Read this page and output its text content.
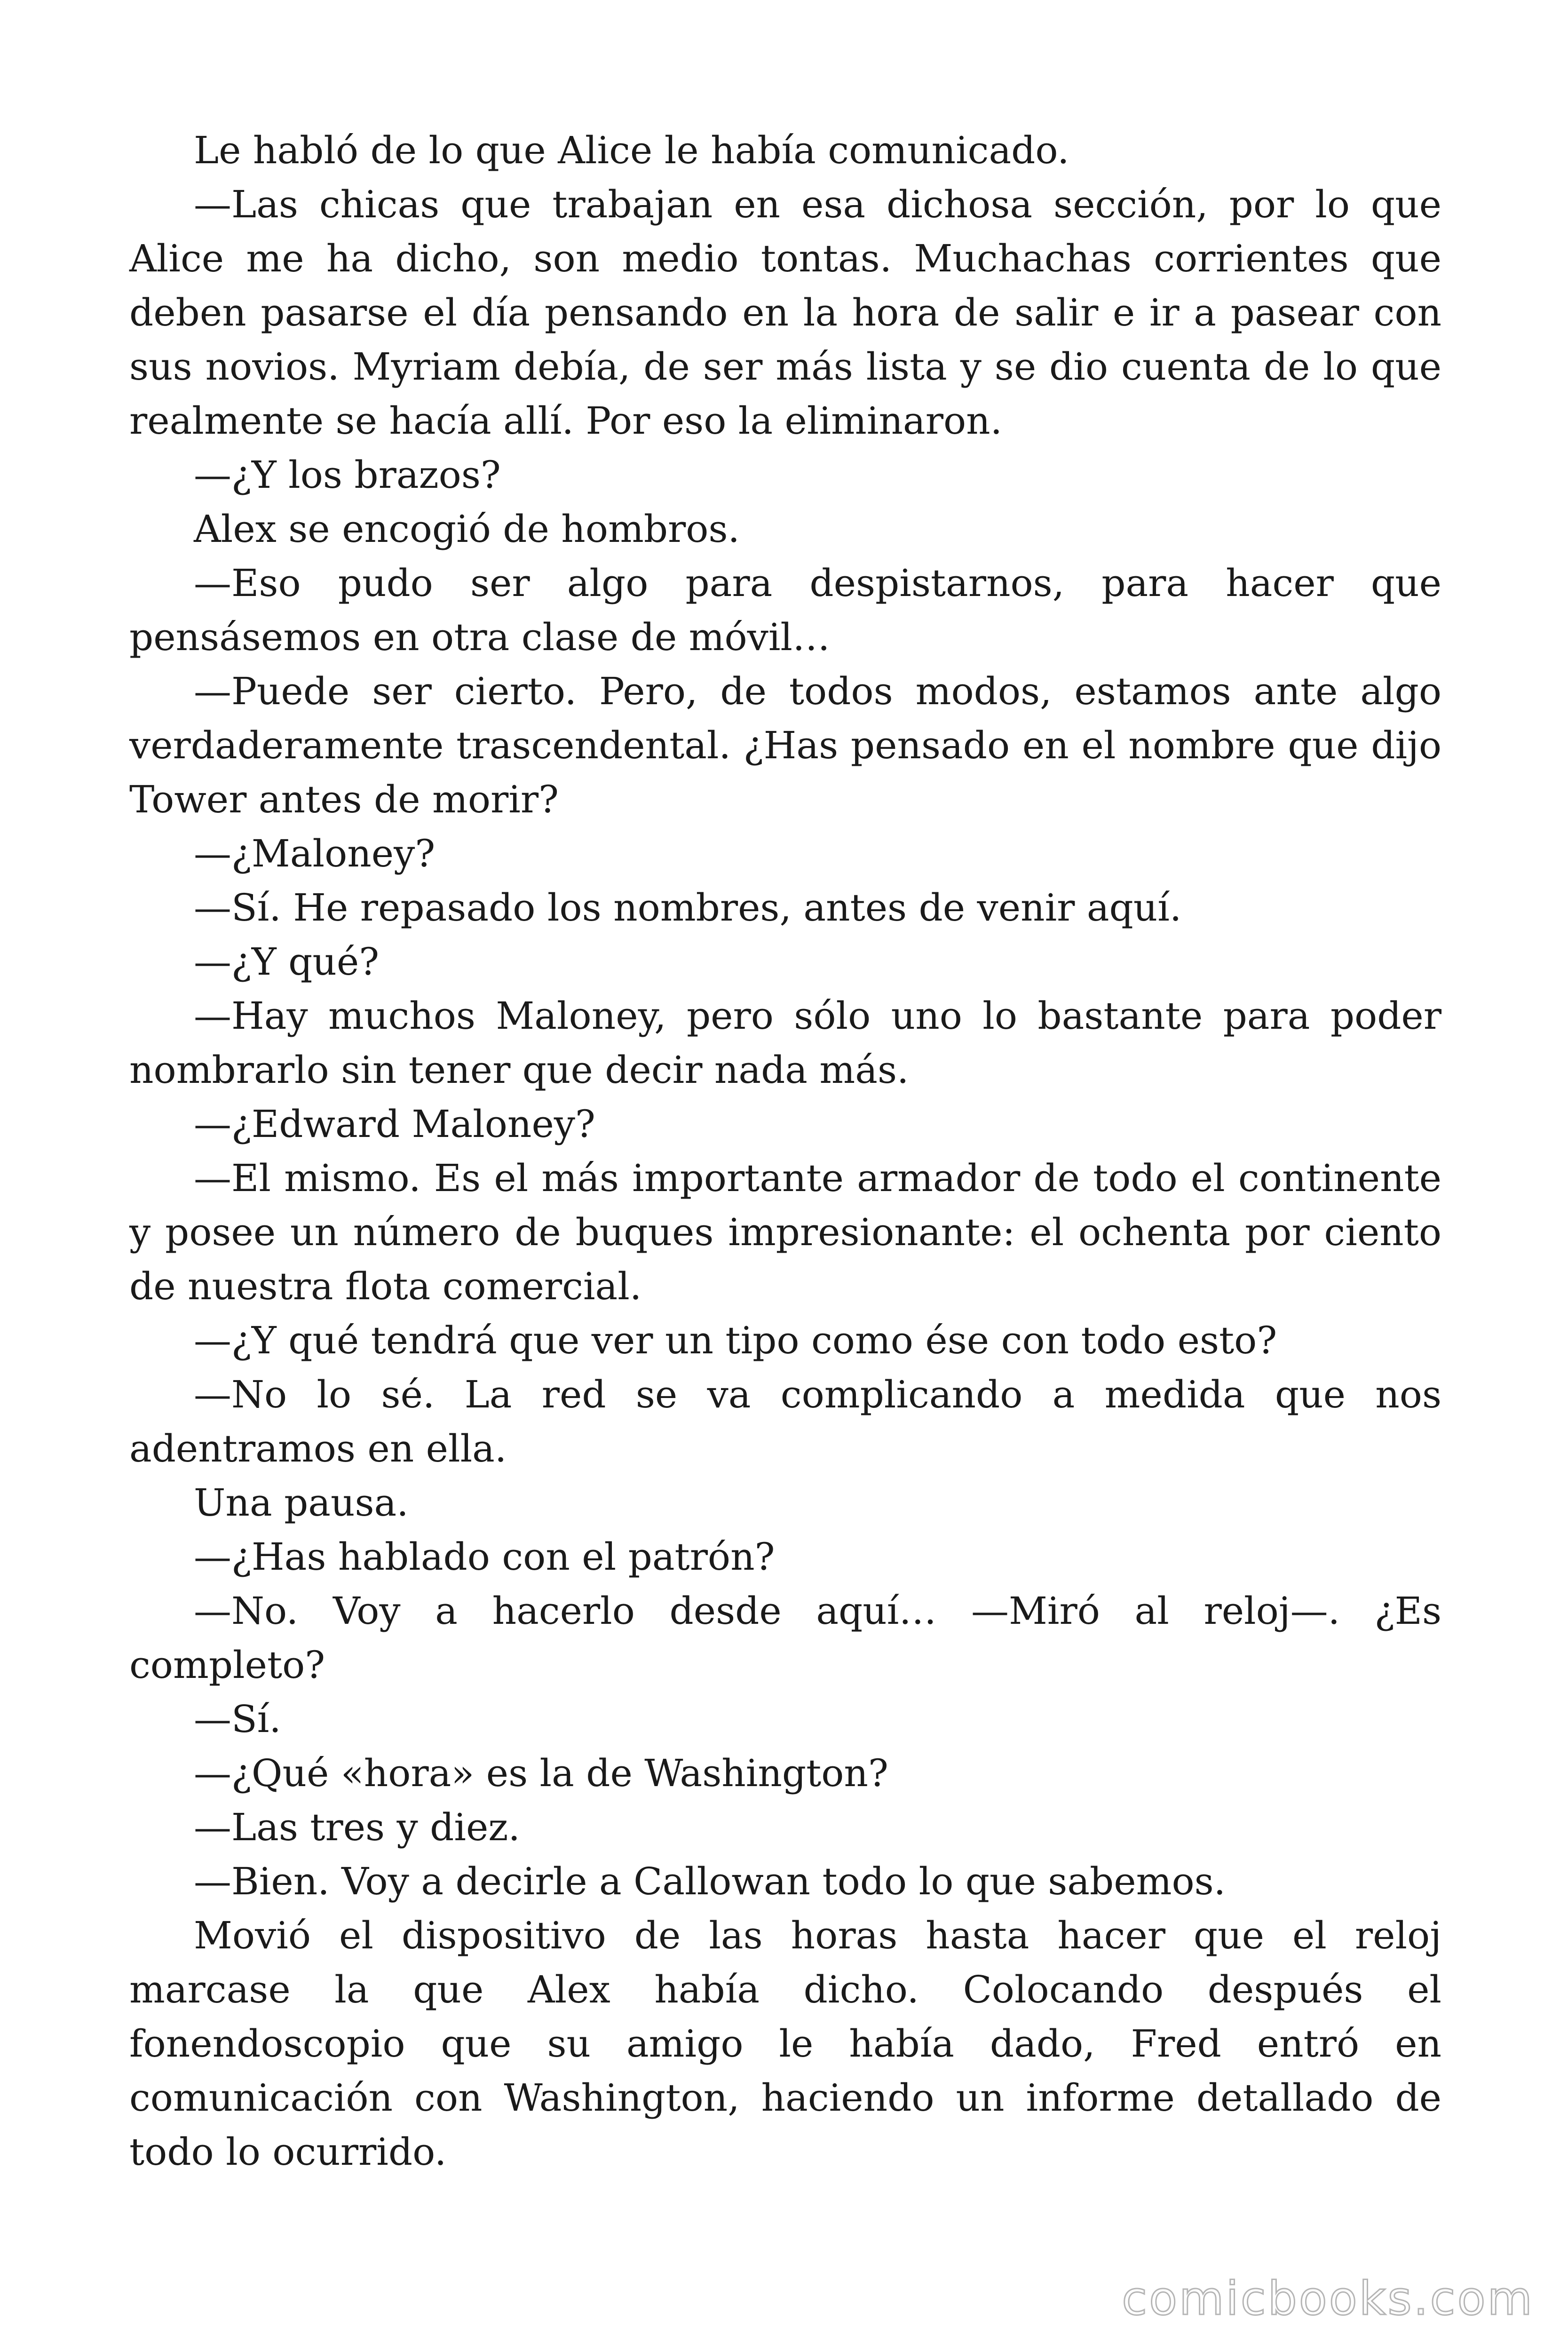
Le habló de lo que Alice le había comunicado.

—Las chicas que trabajan en esa dichosa sección, por lo que Alice me ha dicho, son medio tontas. Muchachas corrientes que deben pasarse el día pensando en la hora de salir e ir a pasear con sus novios. Myriam debía, de ser más lista y se dio cuenta de lo que realmente se hacía allí. Por eso la eliminaron.

—¿Y los brazos?

Alex se encogió de hombros.

—Eso pudo ser algo para despistarnos, para hacer que pensásemos en otra clase de móvil…

—Puede ser cierto. Pero, de todos modos, estamos ante algo verdaderamente trascendental. ¿Has pensado en el nombre que dijo Tower antes de morir?

—¿Maloney?

—Sí. He repasado los nombres, antes de venir aquí.

—¿Y qué?

—Hay muchos Maloney, pero sólo uno lo bastante para poder nombrarlo sin tener que decir nada más.

—¿Edward Maloney?

—El mismo. Es el más importante armador de todo el continente y posee un número de buques impresionante: el ochenta por ciento de nuestra flota comercial.

—¿Y qué tendrá que ver un tipo como ése con todo esto?

—No lo sé. La red se va complicando a medida que nos adentramos en ella.

Una pausa.

—¿Has hablado con el patrón?

—No. Voy a hacerlo desde aquí… —Miró al reloj—. ¿Es completo?

—Sí.

—¿Qué «hora» es la de Washington?

—Las tres y diez.

—Bien. Voy a decirle a Callowan todo lo que sabemos.

Movió el dispositivo de las horas hasta hacer que el reloj marcase la que Alex había dicho. Colocando después el fonendoscopio que su amigo le había dado, Fred entró en comunicación con Washington, haciendo un informe detallado de todo lo ocurrido.

comicbooks.com
